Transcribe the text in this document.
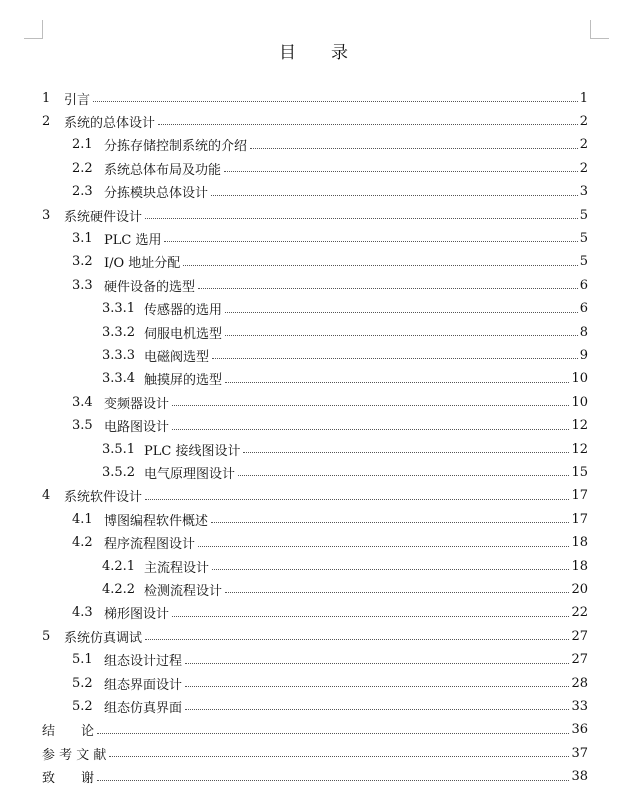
目 录
1	引言	1
2	系统的总体设计	2
2.1 分拣存储控制系统的介绍	2
2.2 系统总体布局及功能	2
2.3 分拣模块总体设计	3
3	系统硬件设计	5
3.1 PLC 选用	5
3.2 I/O 地址分配	5
3.3 硬件设备的选型	6
3.3.1 传感器的选用	6
3.3.2 伺服电机选型	8
3.3.3 电磁阀选型	9
3.3.4 触摸屏的选型	10
3.4 变频器设计	10
3.5 电路图设计	12
3.5.1 PLC 接线图设计	12
3.5.2 电气原理图设计	15
4	系统软件设计	17
4.1 博图编程软件概述	17
4.2 程序流程图设计	18
4.2.1 主流程设计	18
4.2.2 检测流程设计	20
4.3 梯形图设计	22
5	系统仿真调试	27
5.1 组态设计过程	27
5.2 组态界面设计	28
5.2 组态仿真界面	33
结　　论	36
参 考 文 献	37
致　　谢	38
